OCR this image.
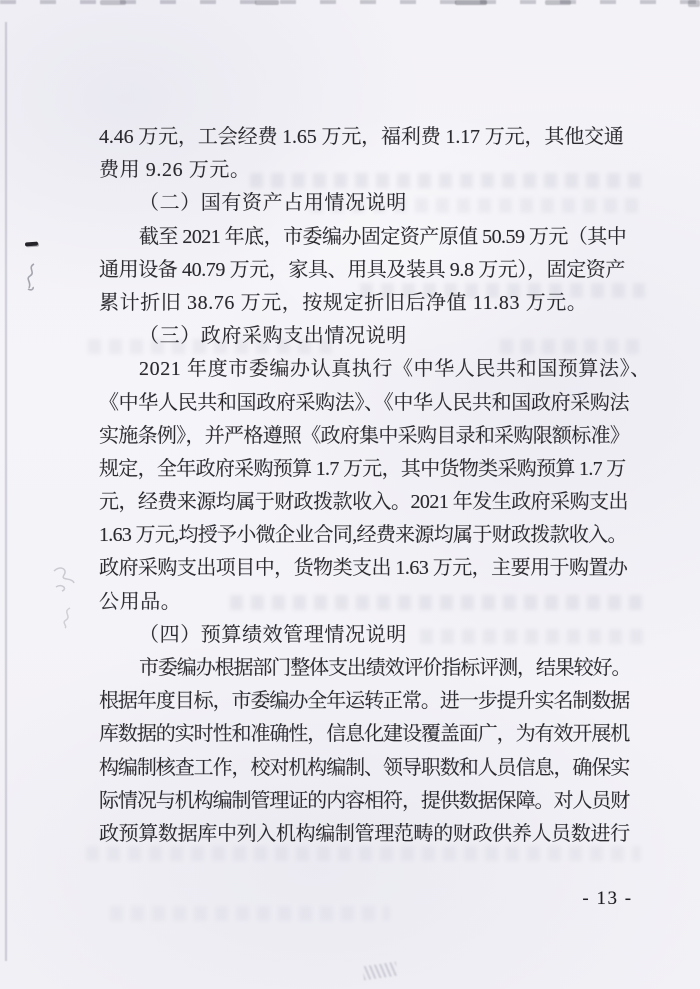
4.46 万元，工会经费 1.65 万元，福利费 1.17 万元，其他交通
费用 9.26 万元。
（二）国有资产占用情况说明
截至 2021 年底，市委编办固定资产原值 50.59 万元（其中
通用设备 40.79 万元，家具、用具及装具 9.8 万元），固定资产
累计折旧 38.76 万元，按规定折旧后净值 11.83 万元。
（三）政府采购支出情况说明
2021 年度市委编办认真执行《中华人民共和国预算法》、
《中华人民共和国政府采购法》、《中华人民共和国政府采购法
实施条例》，并严格遵照《政府集中采购目录和采购限额标准》
规定，全年政府采购预算 1.7 万元，其中货物类采购预算 1.7 万
元，经费来源均属于财政拨款收入。2021 年发生政府采购支出
1.63 万元,均授予小微企业合同,经费来源均属于财政拨款收入。
政府采购支出项目中，货物类支出 1.63 万元，主要用于购置办
公用品。
（四）预算绩效管理情况说明
市委编办根据部门整体支出绩效评价指标评测，结果较好。
根据年度目标，市委编办全年运转正常。进一步提升实名制数据
库数据的实时性和准确性，信息化建设覆盖面广，为有效开展机
构编制核查工作，校对机构编制、领导职数和人员信息，确保实
际情况与机构编制管理证的内容相符，提供数据保障。对人员财
政预算数据库中列入机构编制管理范畴的财政供养人员数进行
- 13 -
